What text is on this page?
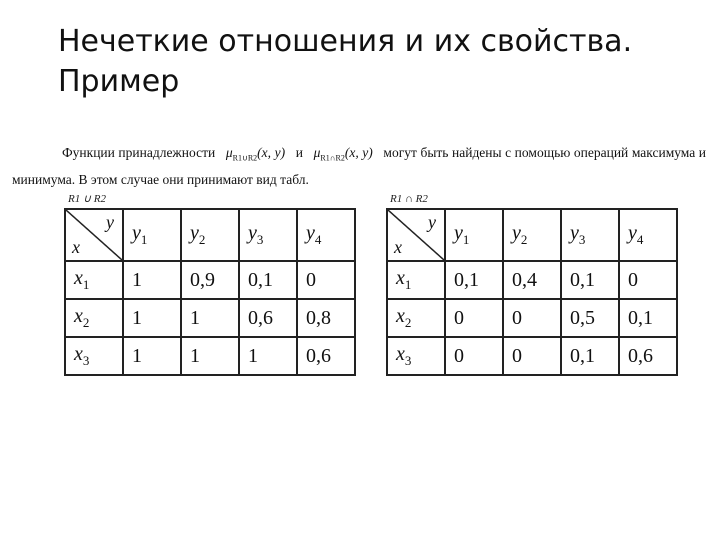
Нечеткие отношения и их свойства.
Пример
Функции принадлежности $\mu_{R1\cup R2}(x$, y) и $\mu_{R1\cap R2}(x$, y) могут быть найдены с помощью операций максимума и минимума. В этом случае они принимают вид табл.
R1 ∪ R2
y
x	$y_1$	$y_2$	$y_3$	$y_4$
$x_1$	1	0,9	0,1	0
$x_2$	1	1	0,6	0,8
$x_3$	1	1	1	0,6
R1 ∩ R2
y
x	$y_1$	$y_2$	$y_3$	$y_4$
$x_1$	0,1	0,4	0,1	0
$x_2$	0	0	0,5	0,1
$x_3$	0	0	0,1	0,6
